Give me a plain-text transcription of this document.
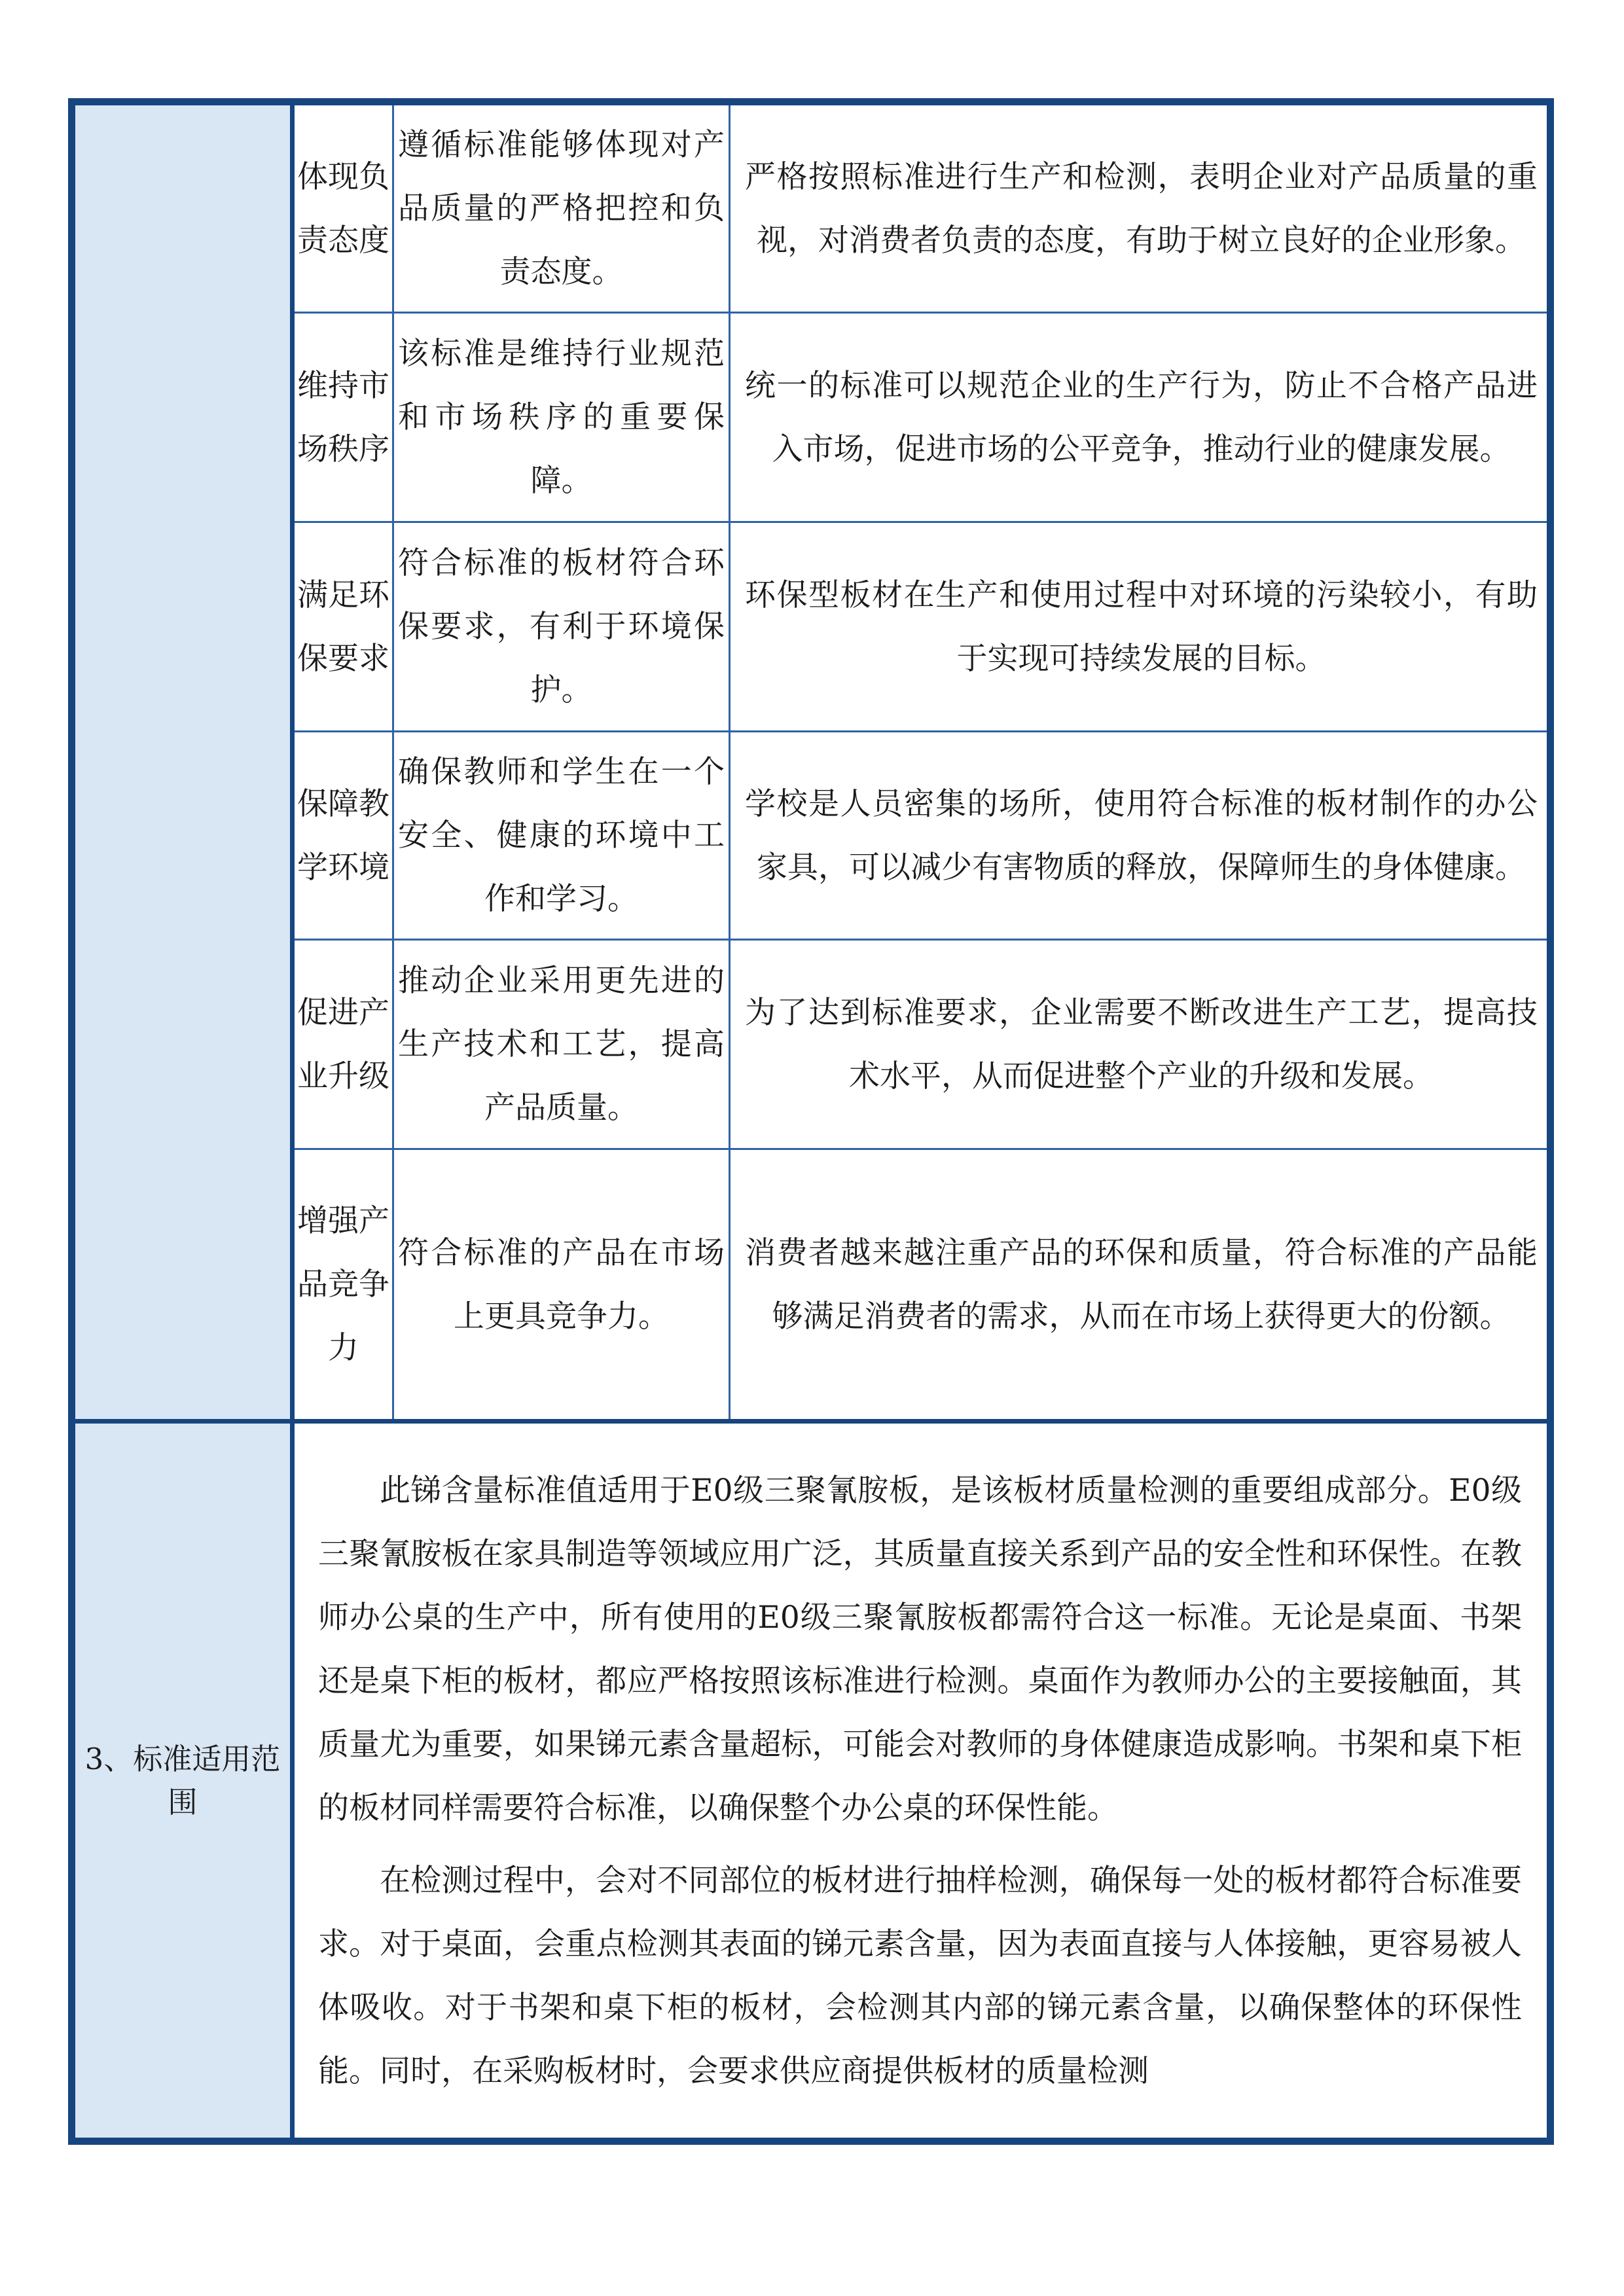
	体现负责态度	遵循标准能够体现对产品质量的严格把控和负责态度。	严格按照标准进行生产和检测，表明企业对产品质量的重视，对消费者负责的态度，有助于树立良好的企业形象。
	维持市场秩序	该标准是维持行业规范和市场秩序的重要保障。	统一的标准可以规范企业的生产行为，防止不合格产品进入市场，促进市场的公平竞争，推动行业的健康发展。
	满足环保要求	符合标准的板材符合环保要求，有利于环境保护。	环保型板材在生产和使用过程中对环境的污染较小，有助于实现可持续发展的目标。
	保障教学环境	确保教师和学生在一个安全、健康的环境中工作和学习。	学校是人员密集的场所，使用符合标准的板材制作的办公家具，可以减少有害物质的释放，保障师生的身体健康。
	促进产业升级	推动企业采用更先进的生产技术和工艺，提高产品质量。	为了达到标准要求，企业需要不断改进生产工艺，提高技术水平，从而促进整个产业的升级和发展。
	增强产品竞争力	符合标准的产品在市场上更具竞争力。	消费者越来越注重产品的环保和质量，符合标准的产品能够满足消费者的需求，从而在市场上获得更大的份额。
3、标准适用范围	此锑含量标准值适用于E0级三聚氰胺板，是该板材质量检测的重要组成部分。E0级三聚氰胺板在家具制造等领域应用广泛，其质量直接关系到产品的安全性和环保性。在教师办公桌的生产中，所有使用的E0级三聚氰胺板都需符合这一标准。无论是桌面、书架还是桌下柜的板材，都应严格按照该标准进行检测。桌面作为教师办公的主要接触面，其质量尤为重要，如果锑元素含量超标，可能会对教师的身体健康造成影响。书架和桌下柜的板材同样需要符合标准，以确保整个办公桌的环保性能。

在检测过程中，会对不同部位的板材进行抽样检测，确保每一处的板材都符合标准要求。对于桌面，会重点检测其表面的锑元素含量，因为表面直接与人体接触，更容易被人体吸收。对于书架和桌下柜的板材，会检测其内部的锑元素含量，以确保整体的环保性能。同时，在采购板材时，会要求供应商提供板材的质量检测		
